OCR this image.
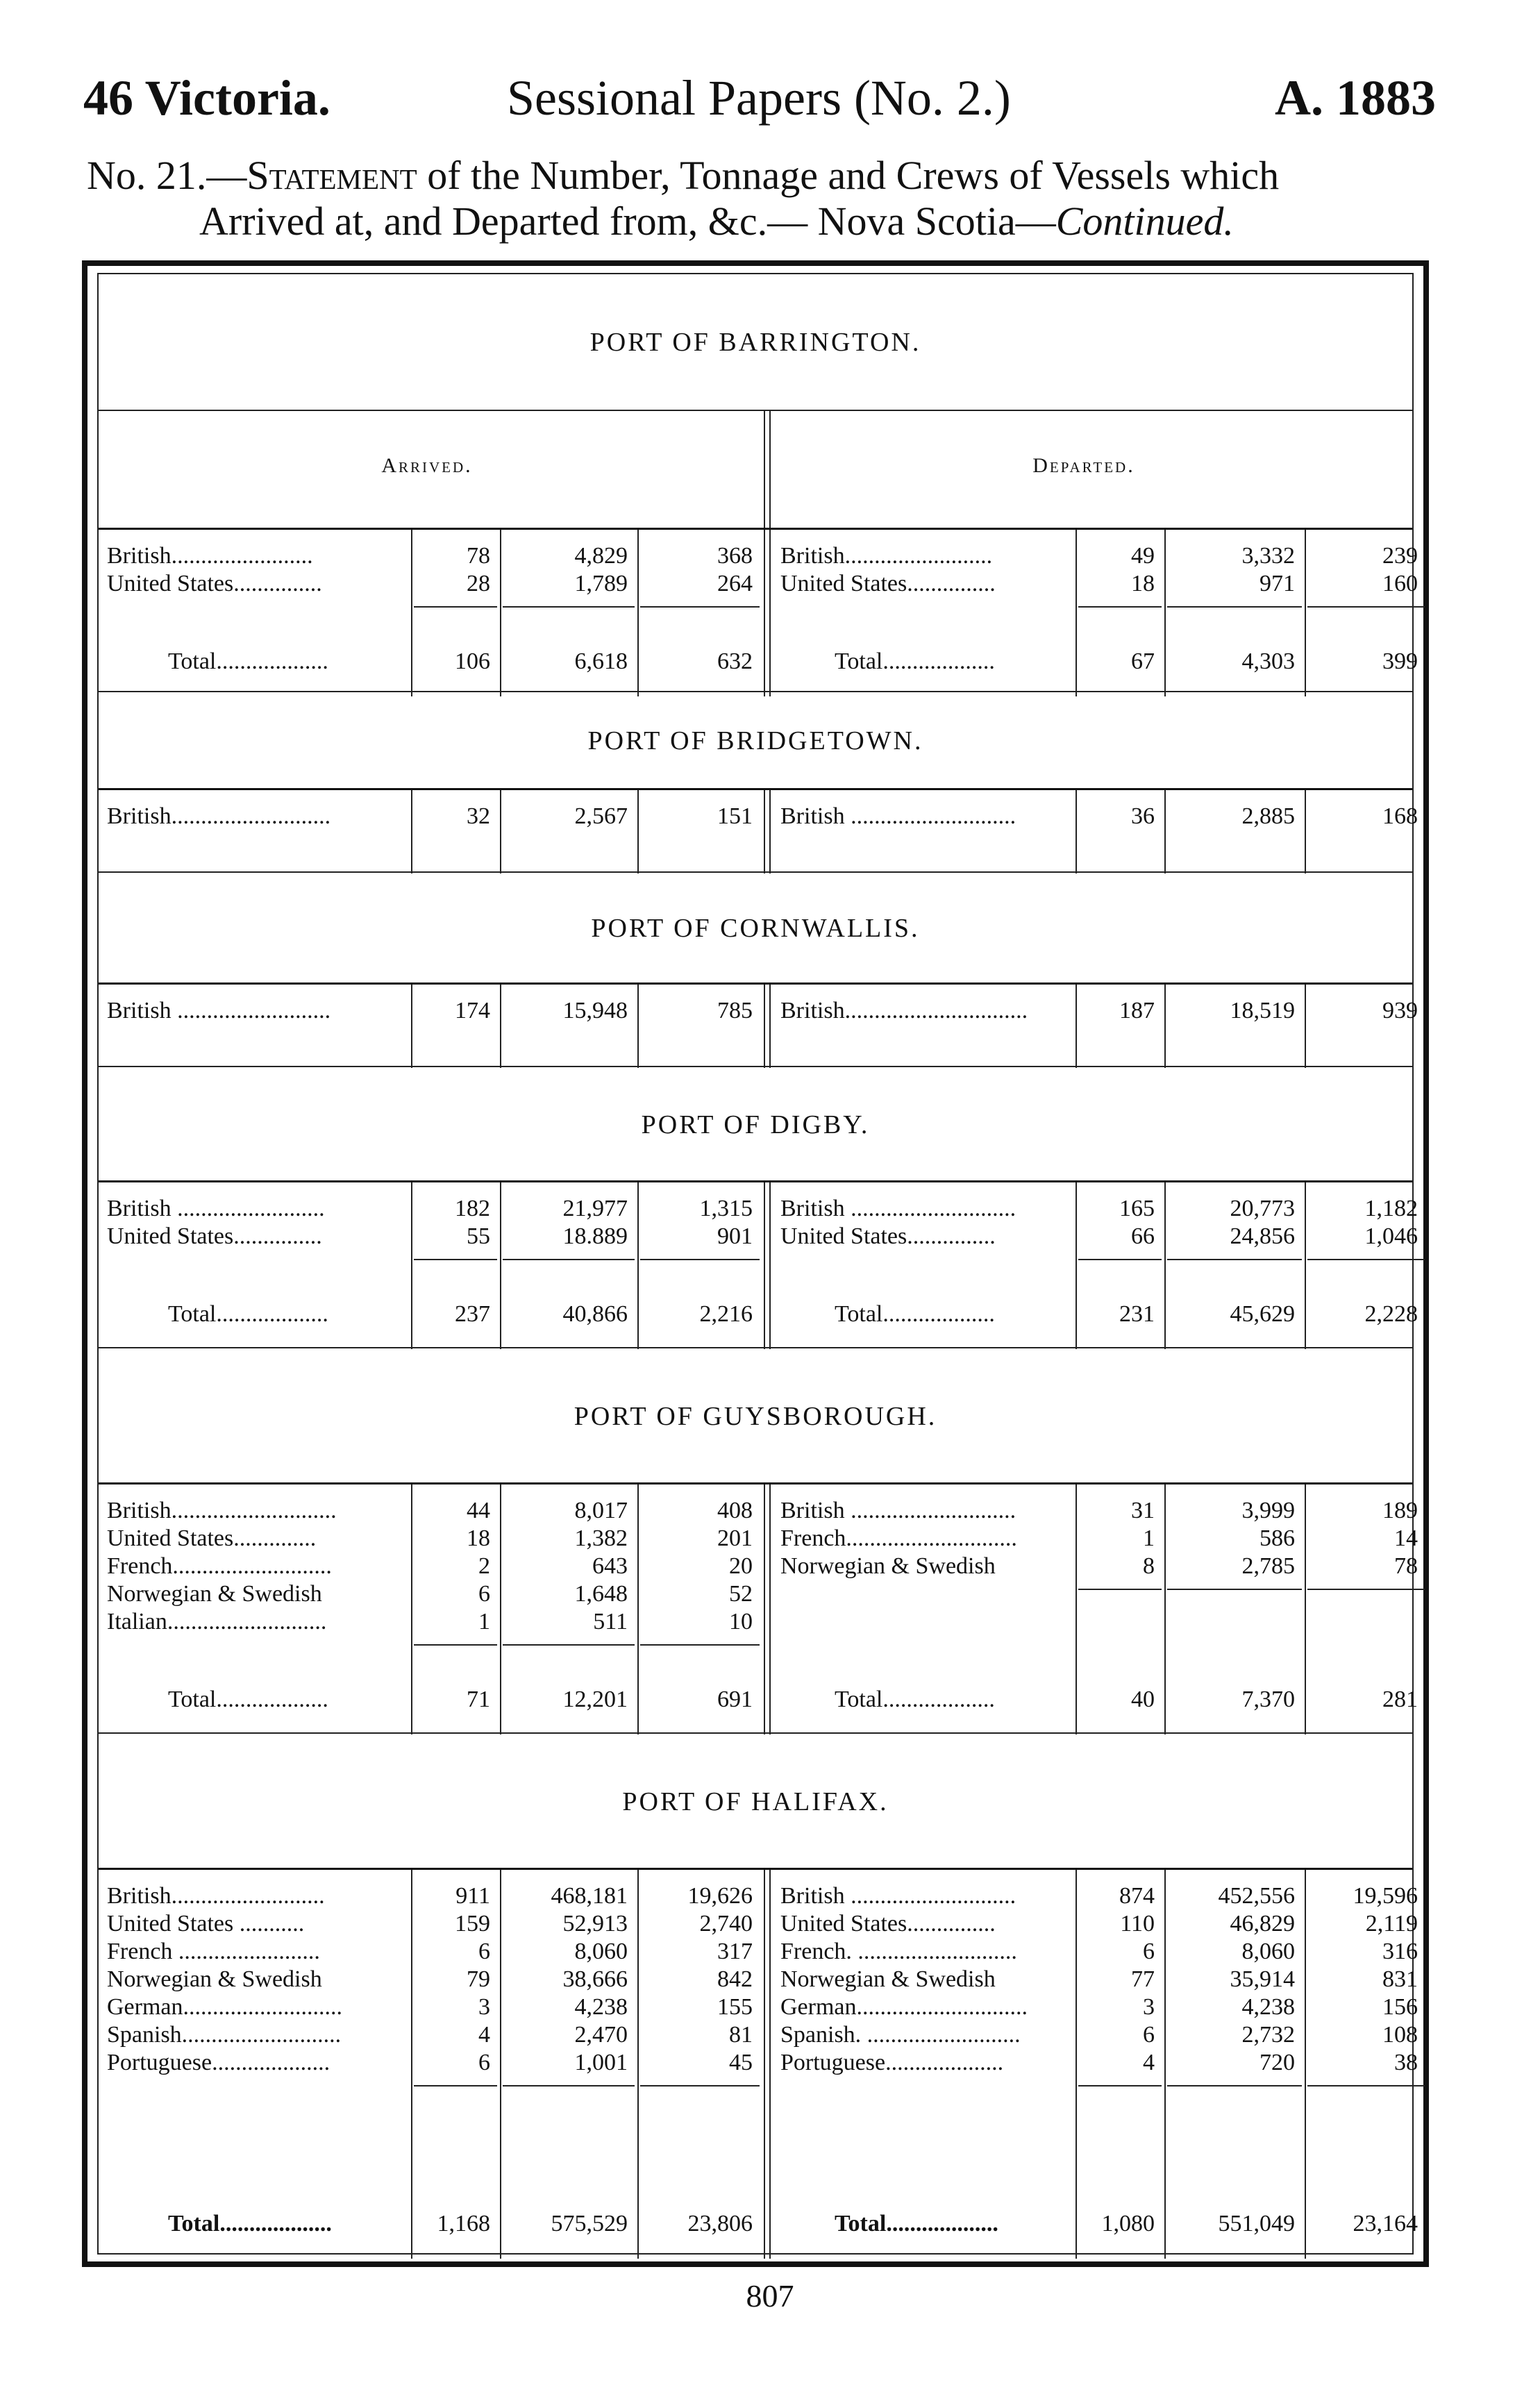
46 Victoria.	Sessional Papers (No. 2.)	A. 1883
No. 21.—Statement of the Number, Tonnage and Crews of Vessels which
Arrived at, and Departed from, &c.— Nova Scotia—Continued.
PORT OF BARRINGTON.
Arrived.	Departed.
British........................	78	4,829	368
United States...............	28	1,789	264
Total...................	106	6,618	632
British.........................	49	3,332	239
United States...............	18	971	160
Total...................	67	4,303	399
PORT OF BRIDGETOWN.
British...........................	32	2,567	151 British ............................	36	2,885	168
PORT OF CORNWALLIS.
British ..........................	174	15,948	785 British...............................	187	18,519	939
PORT OF DIGBY.
British .........................	182	21,977	1,315
United States...............	55	18.889	901
Total...................	237	40,866	2,216
British ............................	165	20,773	1,182
United States...............	66	24,856	1,046
Total...................	231	45,629	2,228
PORT OF GUYSBOROUGH.
British............................	44	8,017	408
United States..............	18	1,382	201
French...........................	2	643	20
Norwegian & Swedish	6	1,648	52
Italian...........................	1	511	10
Total...................	71	12,201	691
British ............................	31	3,999	189
French.............................	1	586	14
Norwegian & Swedish	8	2,785	78
Total...................	40	7,370	281
PORT OF HALIFAX.
British..........................	911	468,181	19,626
United States ...........	159	52,913	2,740
French ........................	6	8,060	317
Norwegian & Swedish	79	38,666	842
German...........................	3	4,238	155
Spanish...........................	4	2,470	81
Portuguese....................	6	1,001	45
Total...................	1,168	575,529	23,806
British ............................	874	452,556	19,596
United States...............	110	46,829	2,119
French. ...........................	6	8,060	316
Norwegian & Swedish	77	35,914	831
German.............................	3	4,238	156
Spanish. ..........................	6	2,732	108
Portuguese....................	4	720	38
Total...................	1,080	551,049	23,164
807
